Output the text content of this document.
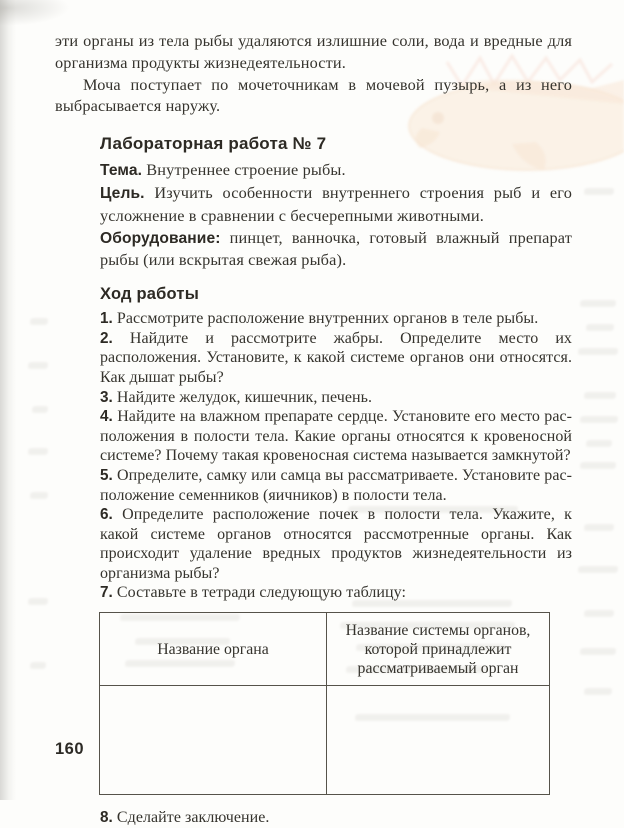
эти органы из тела рыбы удаляются излишние соли, вода и вредные для организма продукты жизнедеятельности.

Моча поступает по мочеточникам в мочевой пузырь, а из него выбрасывается наружу.

Лабораторная работа № 7

Тема. Внутреннее строение рыбы.

Цель. Изучить особенности внутреннего строения рыб и его усложнение в сравнении с бесчерепными животными.

Оборудование: пинцет, ванночка, готовый влажный препарат рыбы (или вскрытая свежая рыба).

Ход работы

1. Рассмотрите расположение внутренних органов в теле рыбы.

2. Найдите и рассмотрите жабры. Определите место их расположения. Установите, к какой системе органов они относятся. Как дышат рыбы?

3. Найдите желудок, кишечник, печень.

4. Найдите на влажном препарате сердце. Установите его место расположения в полости тела. Какие органы относятся к кровеносной системе? Почему такая кровеносная система называется замкнутой?

5. Определите, самку или самца вы рассматриваете. Установите расположение семенников (яичников) в полости тела.

6. Определите расположение почек в полости тела. Укажите, к какой системе органов относятся рассмотренные органы. Как происходит удаление вредных продуктов жизнедеятельности из организма рыбы?

7. Составьте в тетради следующую таблицу:

Название органа	Название системы органов, которой принадлежит рассматриваемый орган

8. Сделайте заключение.

160
